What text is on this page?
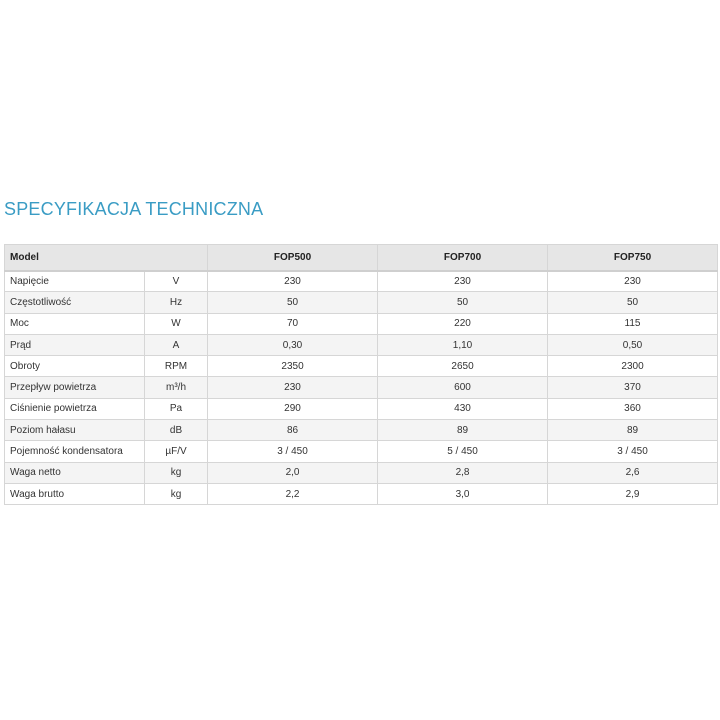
SPECYFIKACJA TECHNICZNA
Model		FOP500	FOP700	FOP750
Napięcie	V	230	230	230
Częstotliwość	Hz	50	50	50
Moc	W	70	220	115
Prąd	A	0,30	1,10	0,50
Obroty	RPM	2350	2650	2300
Przepływ powietrza	m³/h	230	600	370
Ciśnienie powietrza	Pa	290	430	360
Poziom hałasu	dB	86	89	89
Pojemność kondensatora	µF/V	3 / 450	5 / 450	3 / 450
Waga netto	kg	2,0	2,8	2,6
Waga brutto	kg	2,2	3,0	2,9
